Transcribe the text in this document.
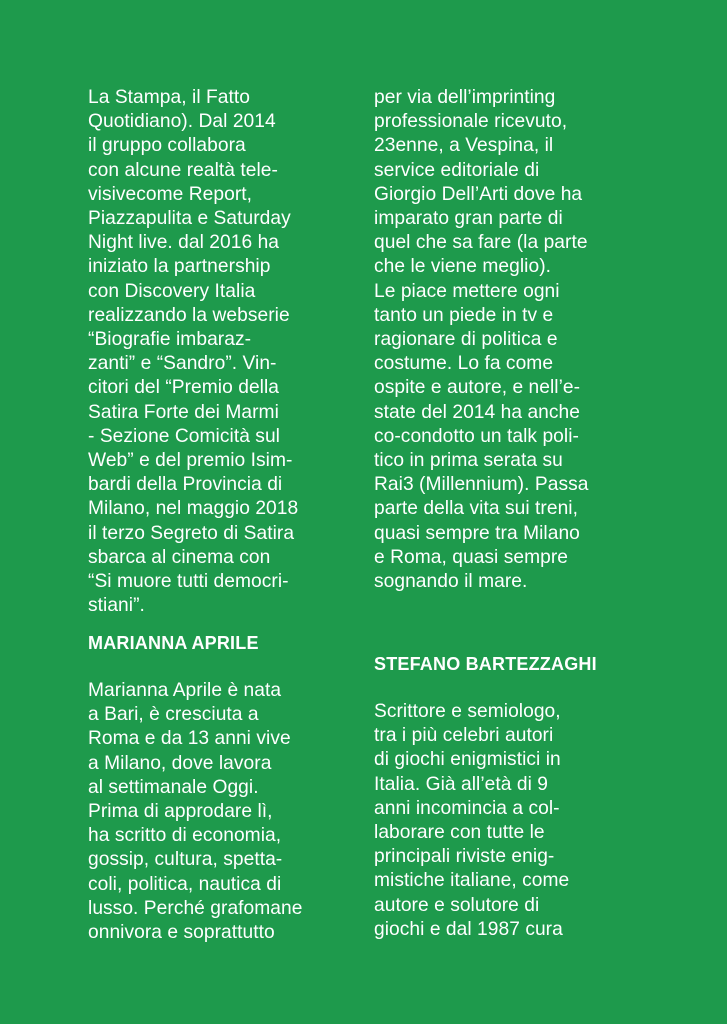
La Stampa, il Fatto
Quotidiano). Dal 2014
il gruppo collabora
con alcune realtà tele-
visivecome Report,
Piazzapulita e Saturday
Night live. dal 2016 ha
iniziato la partnership
con Discovery Italia
realizzando la webserie
“Biografie imbaraz-
zanti” e “Sandro”. Vin-
citori del “Premio della
Satira Forte dei Marmi
- Sezione Comicità sul
Web” e del premio Isim-
bardi della Provincia di
Milano, nel maggio 2018
il terzo Segreto di Satira
sbarca al cinema con
“Si muore tutti democri-
stiani”.

MARIANNA APRILE

Marianna Aprile è nata
a Bari, è cresciuta a
Roma e da 13 anni vive
a Milano, dove lavora
al settimanale Oggi.
Prima di approdare lì,
ha scritto di economia,
gossip, cultura, spetta-
coli, politica, nautica di
lusso. Perché grafomane
onnivora e soprattutto

per via dell’imprinting
professionale ricevuto,
23enne, a Vespina, il
service editoriale di
Giorgio Dell’Arti dove ha
imparato gran parte di
quel che sa fare (la parte
che le viene meglio).
Le piace mettere ogni
tanto un piede in tv e
ragionare di politica e
costume. Lo fa come
ospite e autore, e nell’e-
state del 2014 ha anche
co-condotto un talk poli-
tico in prima serata su
Rai3 (Millennium). Passa
parte della vita sui treni,
quasi sempre tra Milano
e Roma, quasi sempre
sognando il mare.

STEFANO BARTEZZAGHI

Scrittore e semiologo,
tra i più celebri autori
di giochi enigmistici in
Italia. Già all’età di 9
anni incomincia a col-
laborare con tutte le
principali riviste enig-
mistiche italiane, come
autore e solutore di
giochi e dal 1987 cura
